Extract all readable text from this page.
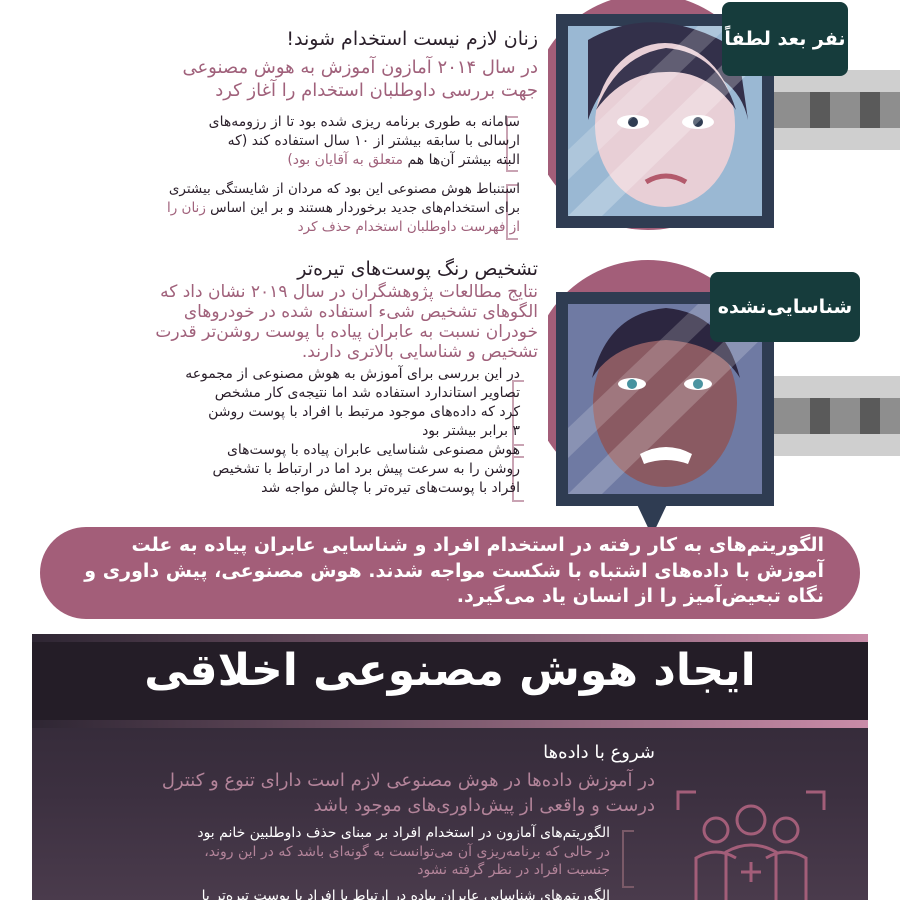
نفر بعد لطفاً
زنان لازم نیست استخدام شوند!
در سال ۲۰۱۴ آمازون آموزش به هوش مصنوعی
جهت بررسی داوطلبان استخدام را آغاز کرد
سامانه به طوری برنامه ریزی شده بود تا از رزومه‌های
ارسالی با سابقه بیشتر از ۱۰ سال استفاده کند (که
البته بیشتر آن‌ها هم متعلق به آقایان بود)
استنباط هوش مصنوعی این بود که مردان از شایستگی بیشتری
برای استخدام‌های جدید برخوردار هستند و بر این اساس زنان را
از فهرست داوطلبان استخدام حذف کرد
شناسایی‌نشده
تشخیص رنگ پوست‌های تیره‌تر
نتایج مطالعات پژوهشگران در سال ۲۰۱۹ نشان داد که
الگوهای تشخیص شیء استفاده شده در خودروهای
خودران نسبت به عابران پیاده با پوست روشن‌تر قدرت
تشخیص و شناسایی بالاتری دارند.
در این بررسی برای آموزش به هوش مصنوعی از مجموعه
تصاویر استاندارد استفاده شد اما نتیجه‌ی کار مشخص
کرد که داده‌های موجود مرتبط با افراد با پوست روشن
۳ برابر بیشتر بود
هوش مصنوعی شناسایی عابران پیاده با پوست‌های
روشن را به سرعت پیش برد اما در ارتباط با تشخیص
افراد با پوست‌های تیره‌تر با چالش مواجه شد
الگوریتم‌های به کار رفته در استخدام افراد و شناسایی عابران پیاده به علت
آموزش با داده‌های اشتباه با شکست مواجه شدند. هوش مصنوعی، پیش داوری و
نگاه تبعیض‌آمیز را از انسان یاد می‌گیرد.
ایجاد هوش مصنوعی اخلاقی
شروع با داده‌ها
در آموزش داده‌ها در هوش مصنوعی لازم است دارای تنوع و کنترل
درست و واقعی از پیش‌داوری‌های موجود باشد
الگوریتم‌های آمازون در استخدام افراد بر مبنای حذف داوطلبین خانم بود
در حالی که برنامه‌ریزی آن می‌توانست به گونه‌ای باشد که در این روند،
جنسیت افراد در نظر گرفته نشود
الگوریتم‌های شناسایی عابران پیاده در ارتباط با افراد با پوست تیره‌تر با
